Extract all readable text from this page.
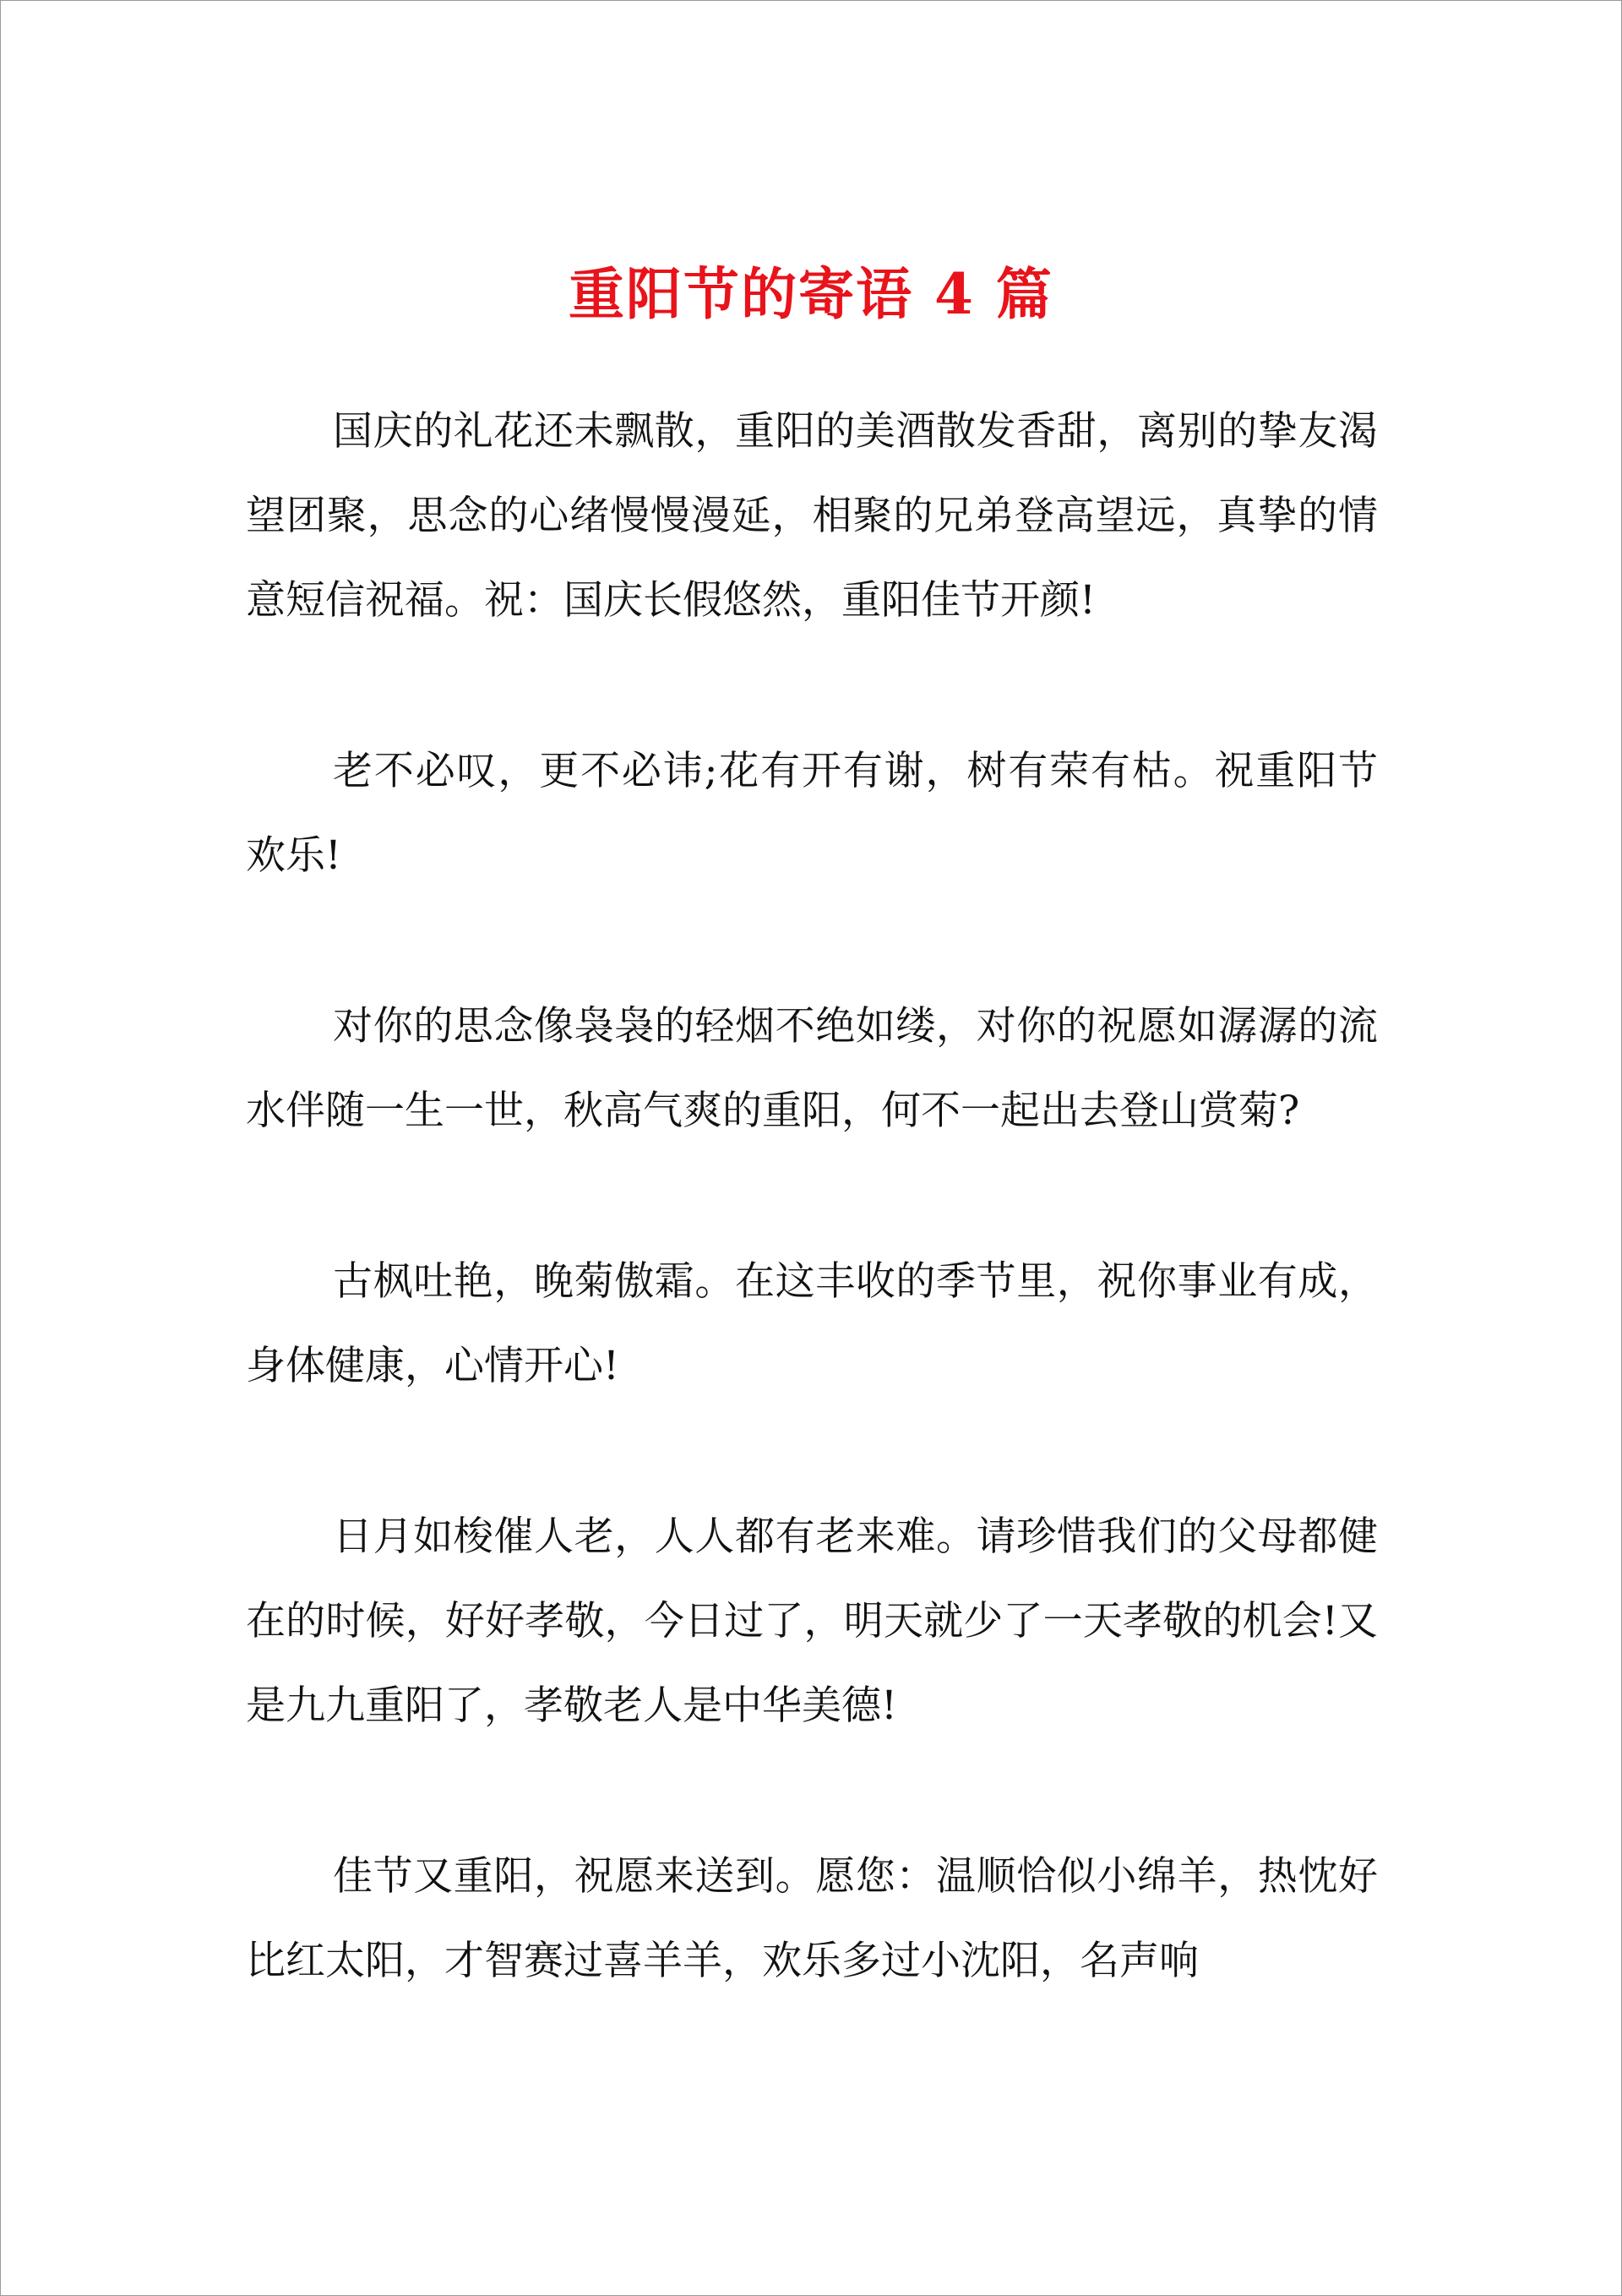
重阳节的寄语 4 篇

国庆的礼花还未飘散，重阳的美酒散发香甜，离别的挚友渴望团聚，思念的心绪慢慢漫延，相聚的兄弟登高望远，真挚的情意短信祝福。祝：国庆长假悠然，重阳佳节开颜!

老不必叹，更不必讳;花有开有谢，树有荣有枯。祝重阳节欢乐!

对你的思念像袅袅的轻烟不绝如缕，对你的祝愿如潺潺的流水伴随一生一世，秋高气爽的重阳，何不一起出去登山赏菊?

古枫吐艳，晚菊傲霜。在这丰收的季节里，祝你事业有成，身体健康，心情开心!

日月如梭催人老，人人都有老来难。请珍惜我们的父母都健在的时候，好好孝敬，今日过了，明天就少了一天孝敬的机会!又是九九重阳了，孝敬老人是中华美德!

佳节又重阳，祝愿来送到。愿您：温顺恰似小绵羊，热忱好比红太阳，才智赛过喜羊羊，欢乐多过小沈阳，名声响
